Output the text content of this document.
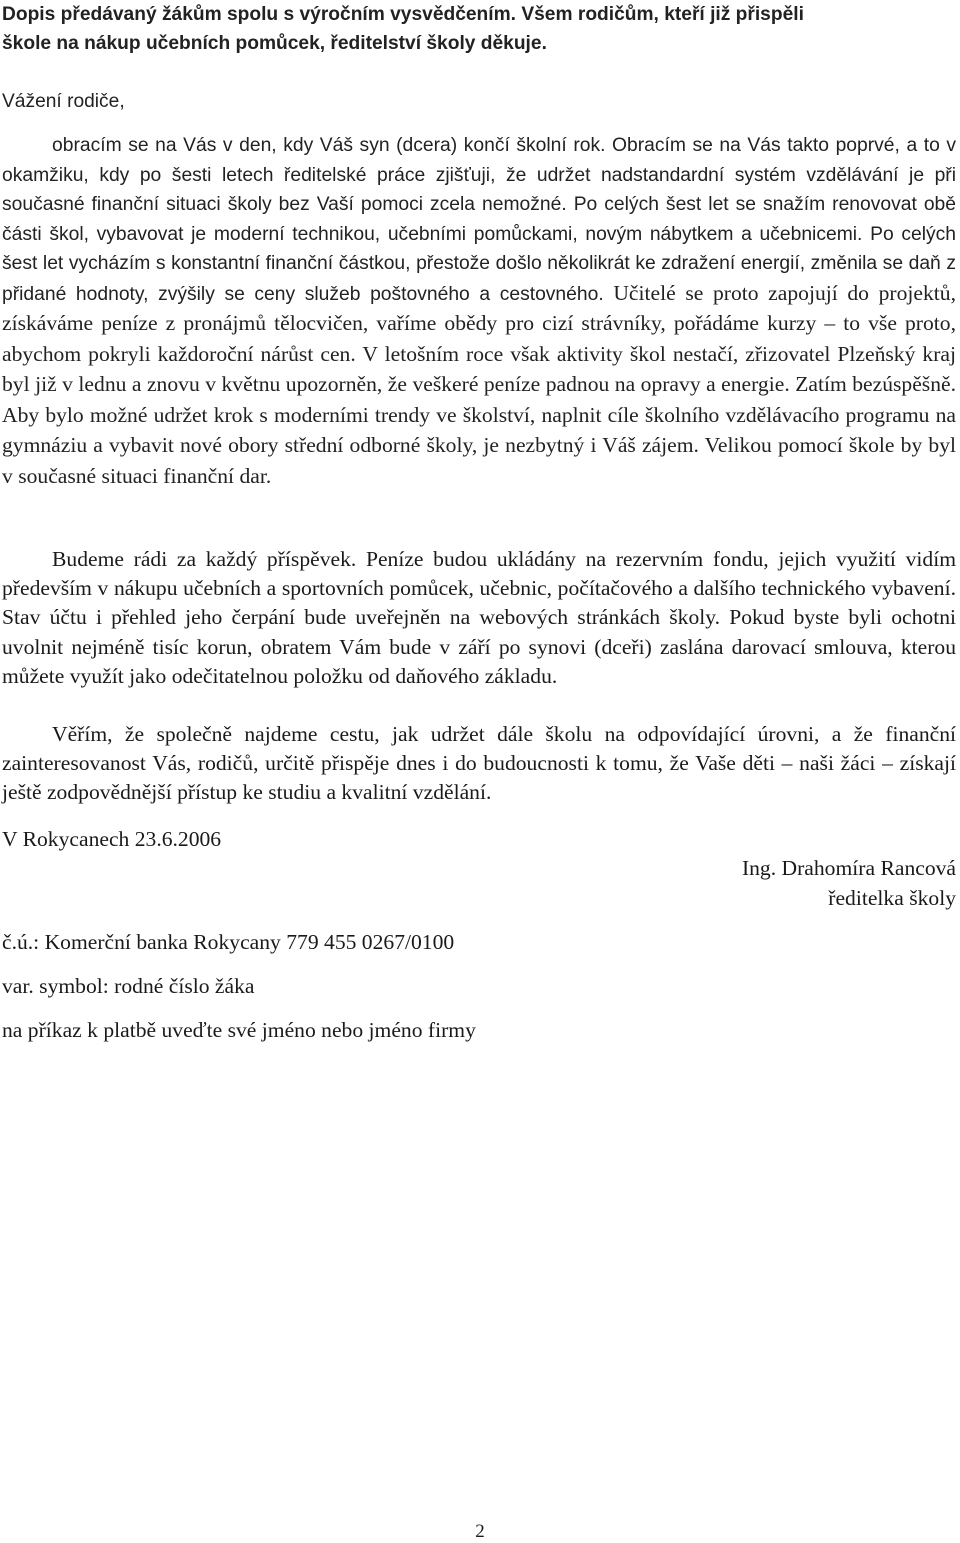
Dopis předávaný žákům spolu s výročním vysvědčením. Všem rodičům, kteří již přispěli
škole na nákup učebních pomůcek, ředitelství školy děkuje.
Vážení rodiče,
obracím se na Vás v den, kdy Váš syn (dcera) končí školní rok. Obracím se na Vás takto poprvé, a to v okamžiku, kdy po šesti letech ředitelské práce zjišťuji, že udržet nadstandardní systém vzdělávání je při současné finanční situaci školy bez Vaší pomoci zcela nemožné. Po celých šest let se snažím renovovat obě části škol, vybavovat je moderní technikou, učebními pomůckami, novým nábytkem a učebnicemi. Po celých šest let vycházím s konstantní finanční částkou, přestože došlo několikrát ke zdražení energií, změnila se daň z přidané hodnoty, zvýšily se ceny služeb poštovného a cestovného. Učitelé se proto zapojují do projektů, získáváme peníze z pronájmů tělocvičen, vaříme obědy pro cizí strávníky, pořádáme kurzy – to vše proto, abychom pokryli každoroční nárůst cen. V letošním roce však aktivity škol nestačí, zřizovatel Plzeňský kraj byl již v lednu a znovu v květnu upozorněn, že veškeré peníze padnou na opravy a energie. Zatím bezúspěšně. Aby bylo možné udržet krok s moderními trendy ve školství, naplnit cíle školního vzdělávacího programu na gymnáziu a vybavit nové obory střední odborné školy, je nezbytný i Váš zájem. Velikou pomocí škole by byl v současné situaci finanční dar.

Budeme rádi za každý příspěvek. Peníze budou ukládány na rezervním fondu, jejich využití vidím především v nákupu učebních a sportovních pomůcek, učebnic, počítačového a dalšího technického vybavení. Stav účtu i přehled jeho čerpání bude uveřejněn na webových stránkách školy. Pokud byste byli ochotni uvolnit nejméně tisíc korun, obratem Vám bude v září po synovi (dceři) zaslána darovací smlouva, kterou můžete využít jako odečitatelnou položku od daňového základu.

Věřím, že společně najdeme cestu, jak udržet dále školu na odpovídající úrovni, a že finanční zainteresovanost Vás, rodičů, určitě přispěje dnes i do budoucnosti k tomu, že Vaše děti – naši žáci – získají ještě zodpovědnější přístup ke studiu a kvalitní vzdělání.

V Rokycanech 23.6.2006
Ing. Drahomíra Rancová
ředitelka školy
č.ú.: Komerční banka Rokycany 779 455 0267/0100
var. symbol: rodné číslo žáka
na příkaz k platbě uveďte své jméno nebo jméno firmy
2
